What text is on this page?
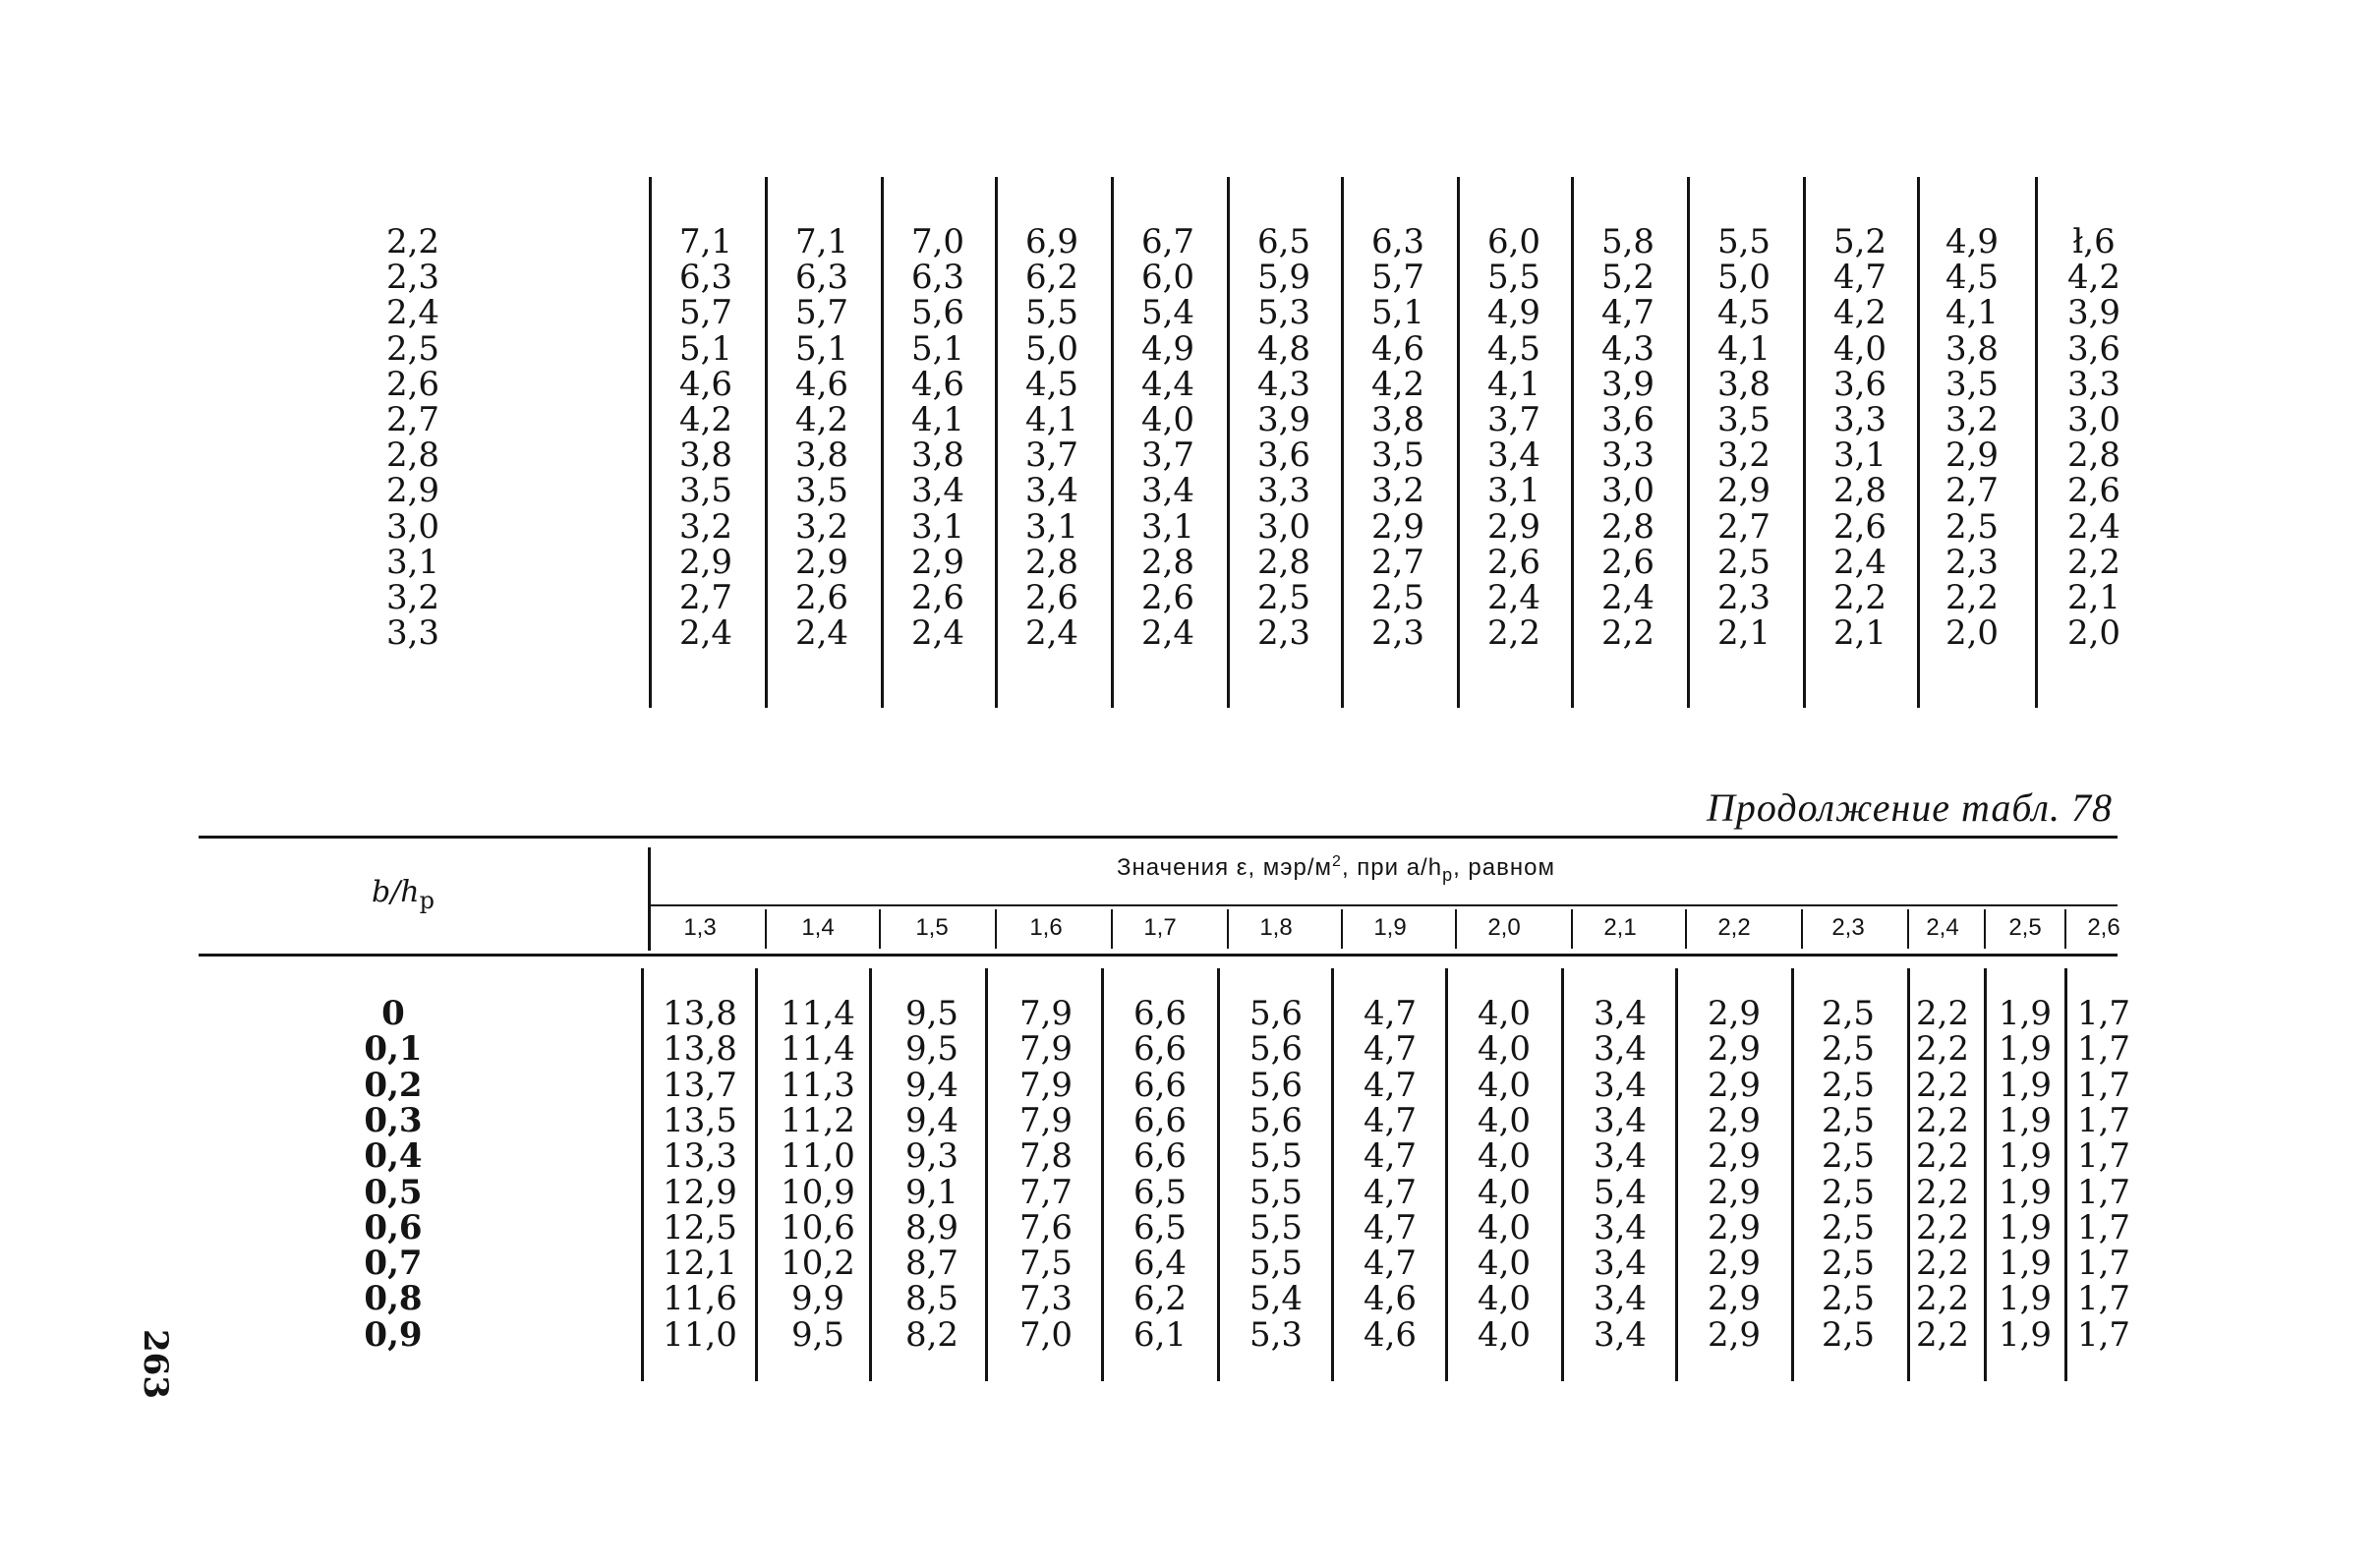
2,2	7,1	7,1	7,0	6,9	6,7	6,5	6,3	6,0	5,8	5,5	5,2	4,9	ł,6
2,3	6,3	6,3	6,3	6,2	6,0	5,9	5,7	5,5	5,2	5,0	4,7	4,5	4,2
2,4	5,7	5,7	5,6	5,5	5,4	5,3	5,1	4,9	4,7	4,5	4,2	4,1	3,9
2,5	5,1	5,1	5,1	5,0	4,9	4,8	4,6	4,5	4,3	4,1	4,0	3,8	3,6
2,6	4,6	4,6	4,6	4,5	4,4	4,3	4,2	4,1	3,9	3,8	3,6	3,5	3,3
2,7	4,2	4,2	4,1	4,1	4,0	3,9	3,8	3,7	3,6	3,5	3,3	3,2	3,0
2,8	3,8	3,8	3,8	3,7	3,7	3,6	3,5	3,4	3,3	3,2	3,1	2,9	2,8
2,9	3,5	3,5	3,4	3,4	3,4	3,3	3,2	3,1	3,0	2,9	2,8	2,7	2,6
3,0	3,2	3,2	3,1	3,1	3,1	3,0	2,9	2,9	2,8	2,7	2,6	2,5	2,4
3,1	2,9	2,9	2,9	2,8	2,8	2,8	2,7	2,6	2,6	2,5	2,4	2,3	2,2
3,2	2,7	2,6	2,6	2,6	2,6	2,5	2,5	2,4	2,4	2,3	2,2	2,2	2,1
3,3	2,4	2,4	2,4	2,4	2,4	2,3	2,3	2,2	2,2	2,1	2,1	2,0	2,0
Продолжение табл. 78
$b/h_р$
Значения ε, мэр/$м^2$, при $a/h_р$, равном
1,3	1,4	1,5	1,6	1,7	1,8	1,9	2,0	2,1	2,2	2,3	2,4	2,5	2,6
0	13,8	11,4	9,5	7,9	6,6	5,6	4,7	4,0	3,4	2,9	2,5	2,2 1,9 1,7
0,1	13,8	11,4	9,5	7,9	6,6	5,6	4,7	4,0	3,4	2,9	2,5	2,2 1,9 1,7
0,2	13,7	11,3	9,4	7,9	6,6	5,6	4,7	4,0	3,4	2,9	2,5	2,2 1,9 1,7
0,3	13,5	11,2	9,4	7,9	6,6	5,6	4,7	4,0	3,4	2,9	2,5	2,2 1,9 1,7
0,4	13,3	11,0	9,3	7,8	6,6	5,5	4,7	4,0	3,4	2,9	2,5	2,2 1,9 1,7
0,5	12,9	10,9	9,1	7,7	6,5	5,5	4,7	4,0	5,4	2,9	2,5	2,2 1,9 1,7
0,6	12,5	10,6	8,9	7,6	6,5	5,5	4,7	4,0	3,4	2,9	2,5	2,2 1,9 1,7
0,7	12,1	10,2	8,7	7,5	6,4	5,5	4,7	4,0	3,4	2,9	2,5	2,2 1,9 1,7
0,8	11,6	9,9	8,5	7,3	6,2	5,4	4,6	4,0	3,4	2,9	2,5	2,2 1,9 1,7
0,9	11,0	9,5	8,2	7,0	6,1	5,3	4,6	4,0	3,4	2,9	2,5	2,2 1,9 1,7
263
